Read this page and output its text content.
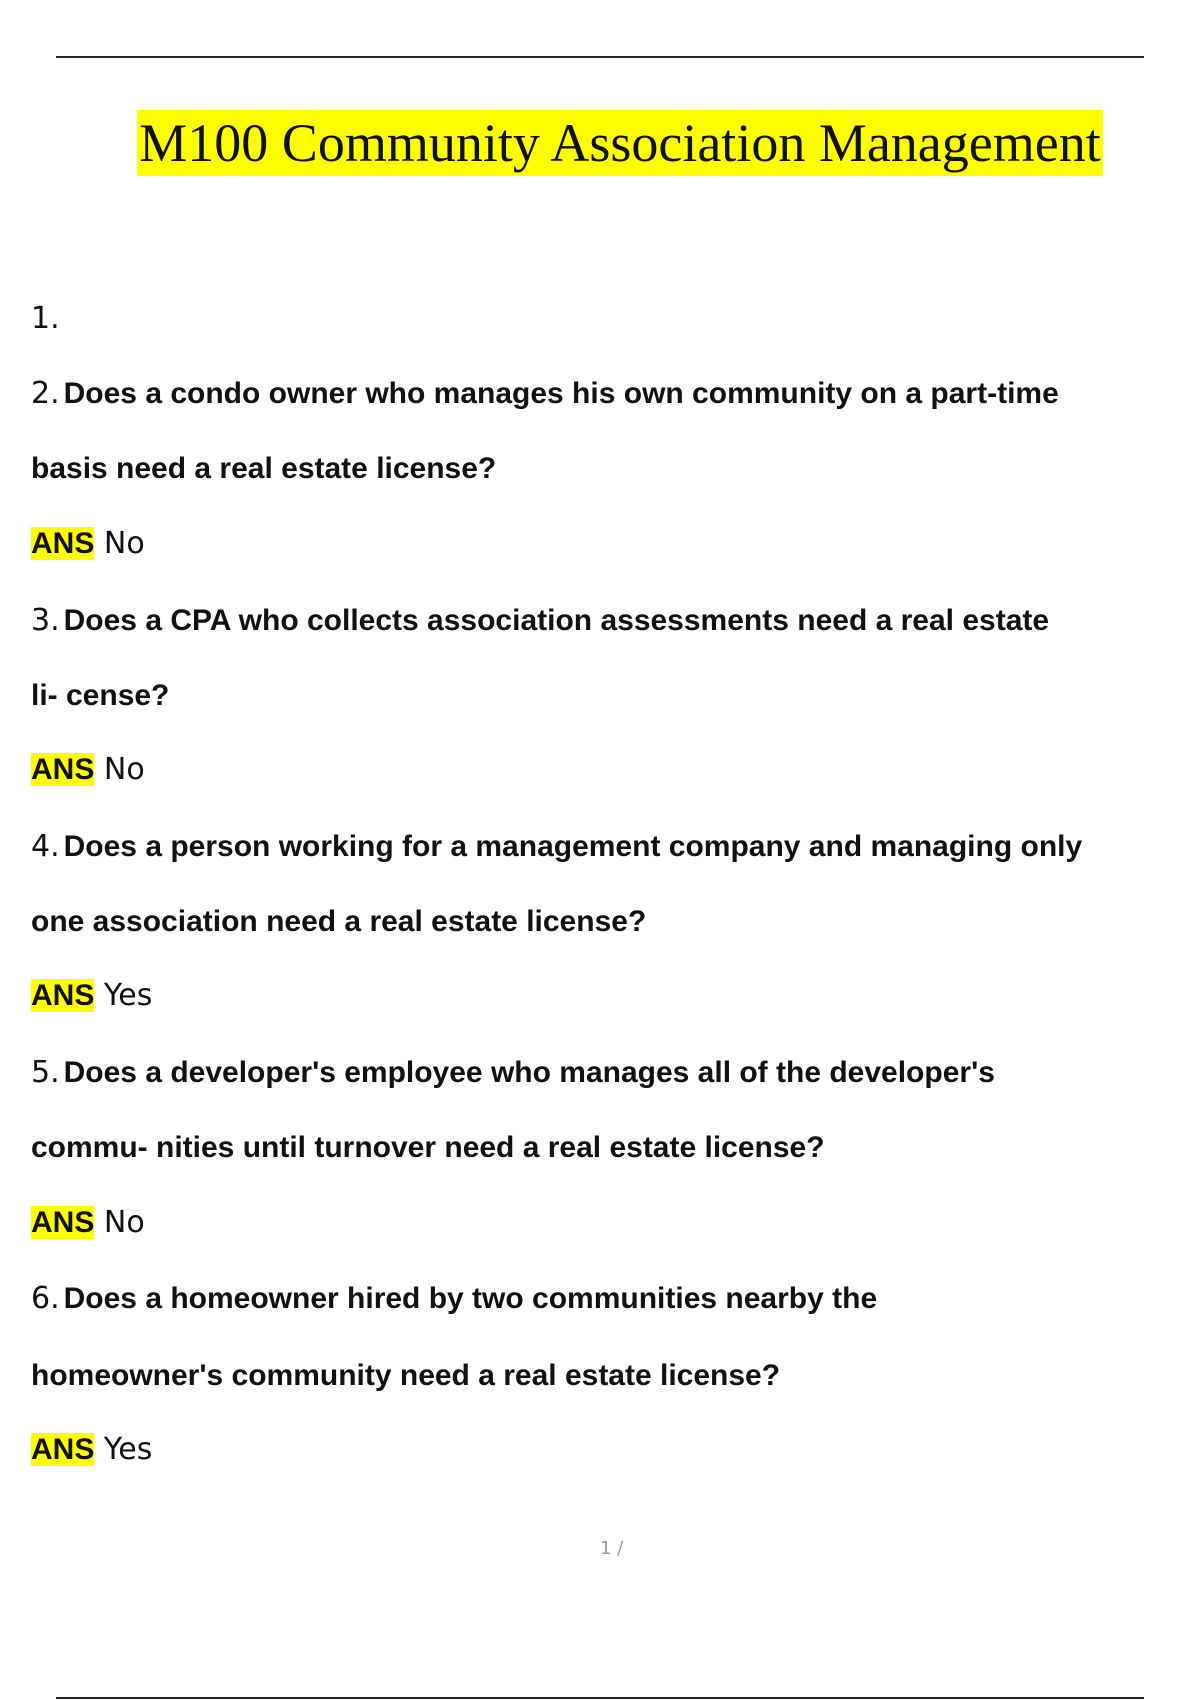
M100 Community Association Management
1.
2. Does a condo owner who manages his own community on a part-time
basis need a real estate license?
ANS No
3. Does a CPA who collects association assessments need a real estate
li- cense?
ANS No
4. Does a person working for a management company and managing only
one association need a real estate license?
ANS Yes
5. Does a developer's employee who manages all of the developer's
commu- nities until turnover need a real estate license?
ANS No
6. Does a homeowner hired by two communities nearby the
homeowner's community need a real estate license?
ANS Yes
1 /
